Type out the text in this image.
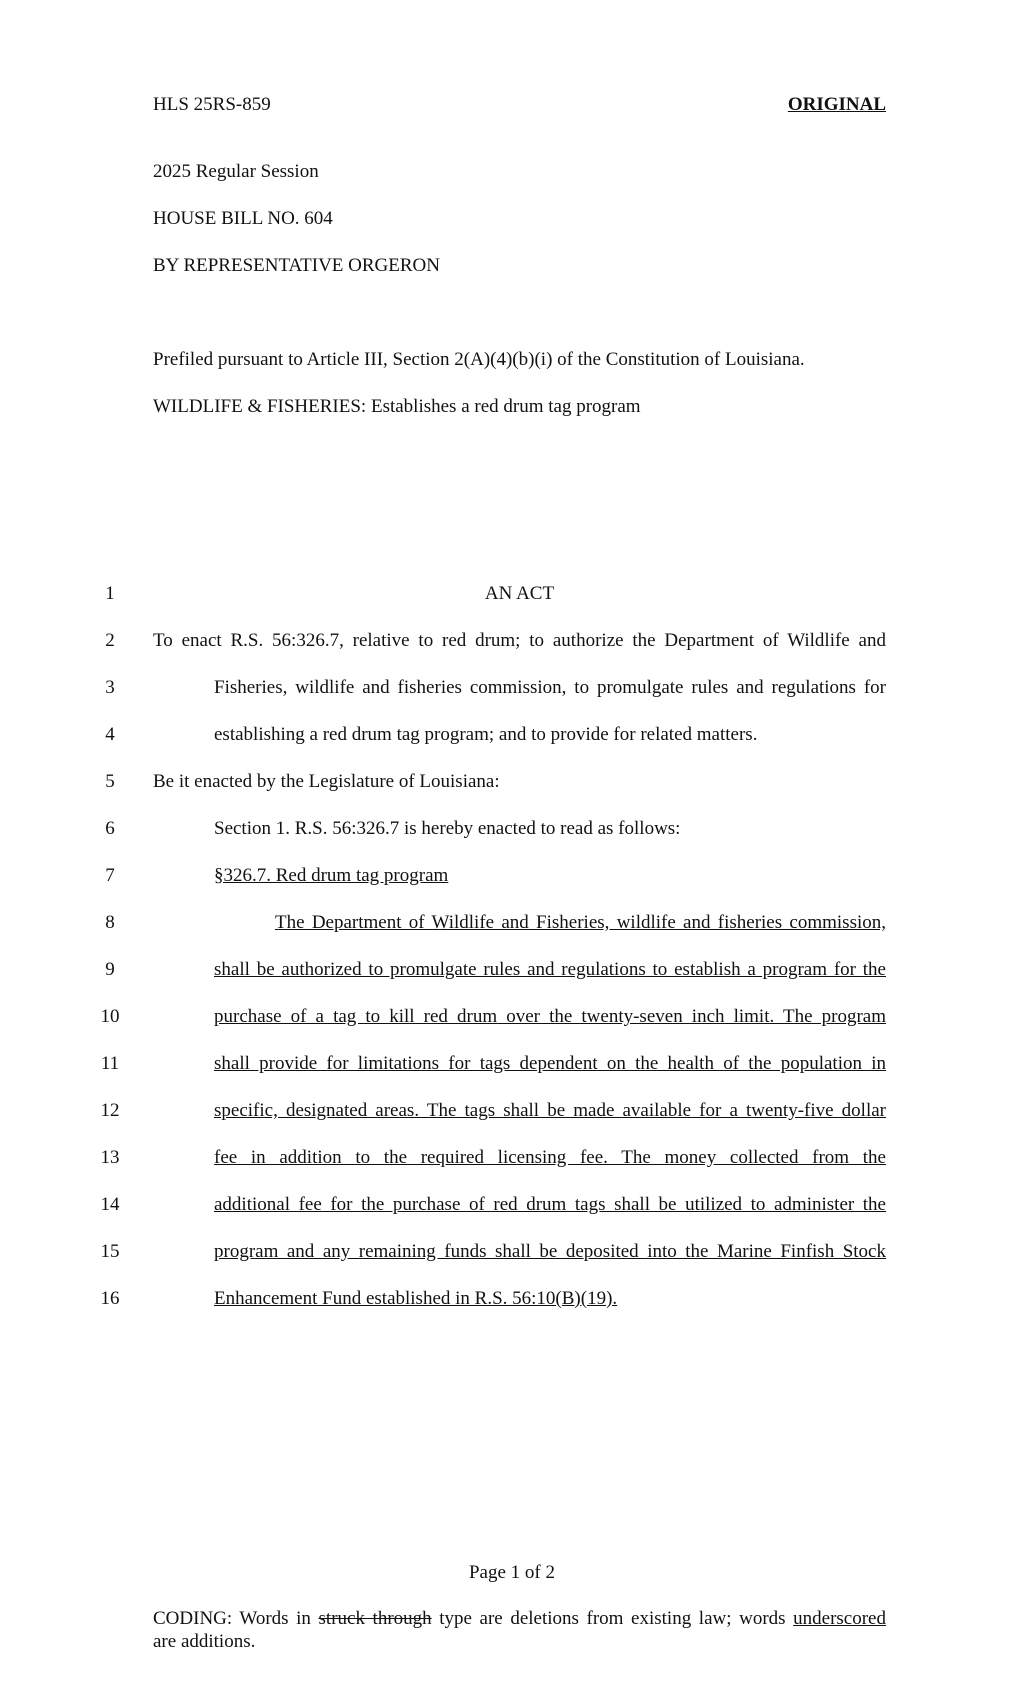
HLS 25RS-859	ORIGINAL
2025 Regular Session
HOUSE BILL NO. 604
BY REPRESENTATIVE ORGERON
Prefiled pursuant to Article III, Section 2(A)(4)(b)(i) of the Constitution of Louisiana.
WILDLIFE & FISHERIES: Establishes a red drum tag program
1
2
3
4
5
6
7
8
9
10
11
12
13
14
15
16
AN ACT
To enact R.S. 56:326.7, relative to red drum; to authorize the Department of Wildlife and
Fisheries, wildlife and fisheries commission, to promulgate rules and regulations for
establishing a red drum tag program; and to provide for related matters.
Be it enacted by the Legislature of Louisiana:
Section 1. R.S. 56:326.7 is hereby enacted to read as follows:
§326.7. Red drum tag program
The Department of Wildlife and Fisheries, wildlife and fisheries commission,
shall be authorized to promulgate rules and regulations to establish a program for the
purchase of a tag to kill red drum over the twenty-seven inch limit. The program
shall provide for limitations for tags dependent on the health of the population in
specific, designated areas. The tags shall be made available for a twenty-five dollar
fee in addition to the required licensing fee. The money collected from the
additional fee for the purchase of red drum tags shall be utilized to administer the
program and any remaining funds shall be deposited into the Marine Finfish Stock
Enhancement Fund established in R.S. 56:10(B)(19).
Page 1 of 2
CODING: Words in struck through type are deletions from existing law; words underscored
are additions.
